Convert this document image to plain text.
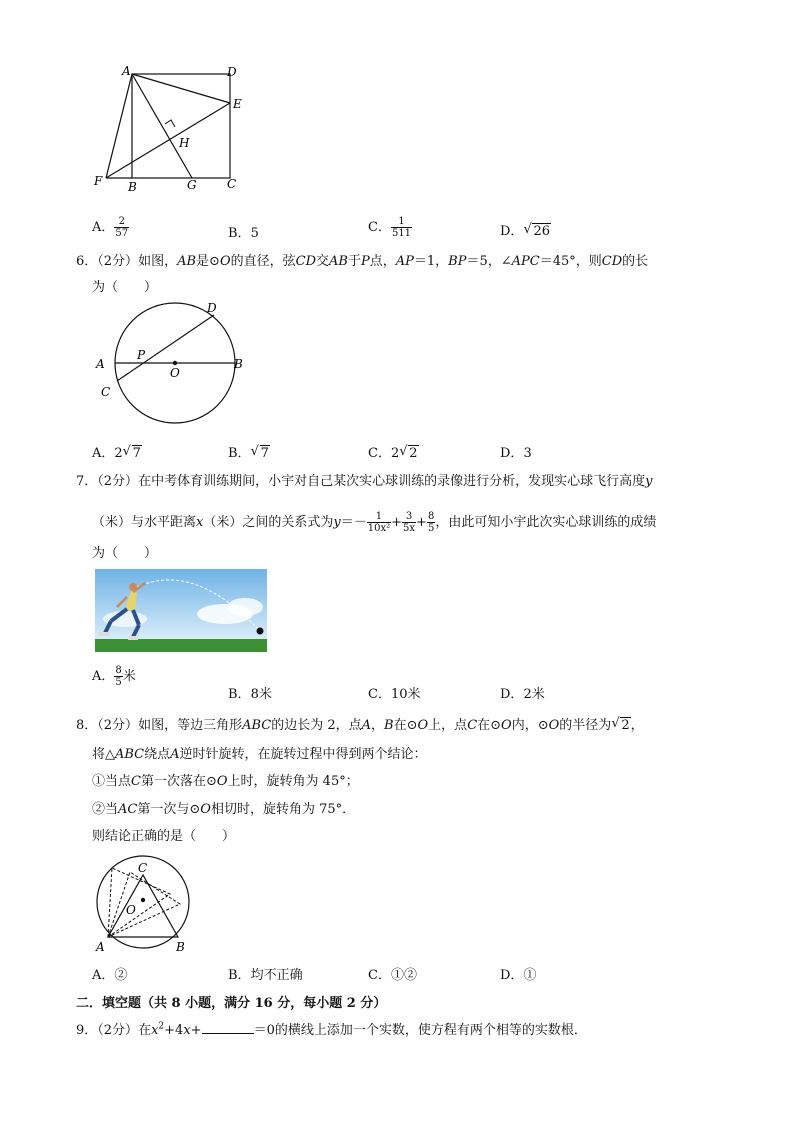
A	D
E
H
F B	G	C
A． $\frac{2}{57}$	B．5	C． $\frac{1}{511}$	D． √ 26
6．（2分）如图，AB是⊙O的直径，弦CD交AB于P点，AP＝1，BP＝5，∠APC＝45°，则CD的长
为（　　）
D
A
P
O
B
C
A．2 √ 7	B． √ 7	C．2 √ 2	D．3
7．（2分）在中考体育训练期间，小宇对自己某次实心球训练的录像进行分析，发现实心球飞行高度y
（米）与水平距离x（米）之间的关系式为$y=- \frac{1}{\text{10x²}} + \frac{3}{5x} + \frac{8}{5}$ ，由此可知小宇此次实心球训练的成绩
为（　　）
A． $\frac{8}{5}$ 米
B．8米	C．10米	D．2米
8．（2分）如图，等边三角形ABC的边长为 2，点A，B在⊙O上，点C在⊙O内，⊙O的半径为 √ 2，
将△ABC绕点A逆时针旋转，在旋转过程中得到两个结论：
①当点C第一次落在⊙O上时，旋转角为 45°；
②当AC第一次与⊙O相切时，旋转角为 75°．
则结论正确的是（　　）
C
O
A	B
A．②	B．均不正确	C．①②	D．①
二．填空题（共 8 小题，满分 16 分，每小题 2 分）
9．（2分）在$x^2+4x+$	＝0的横线上添加一个实数，使方程有两个相等的实数根．
